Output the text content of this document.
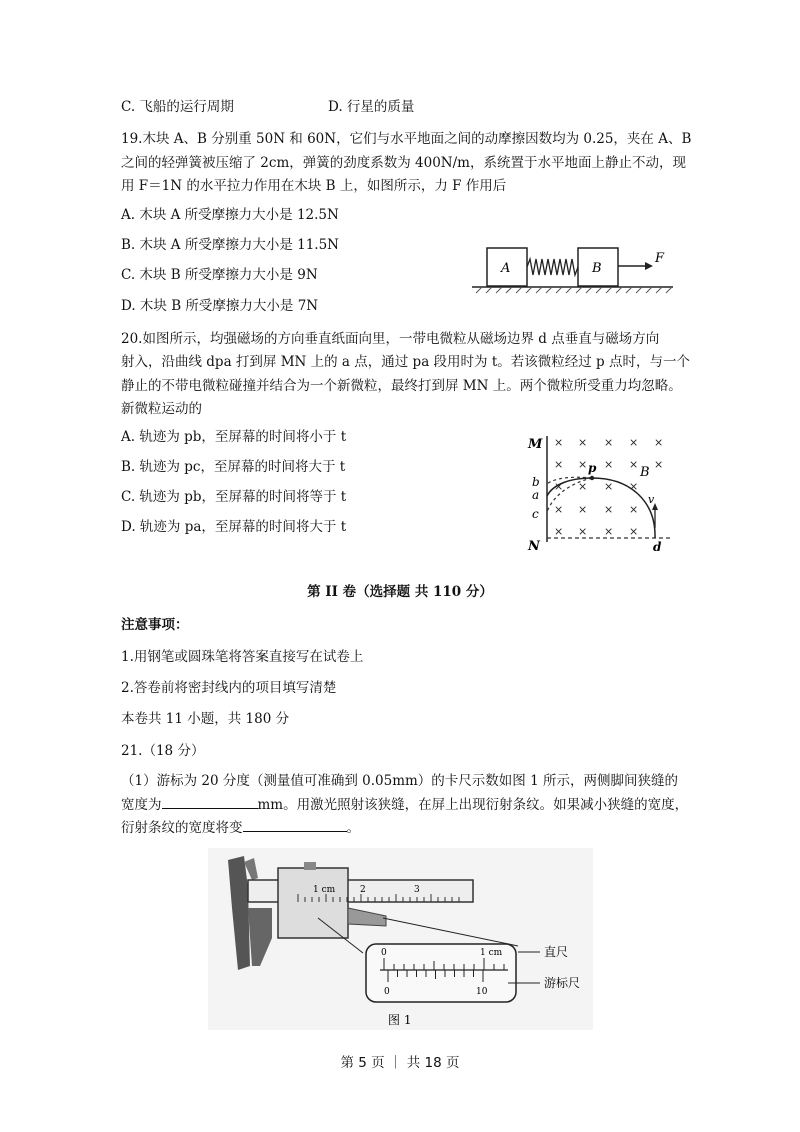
C. 飞船的运行周期	D. 行星的质量
19.木块 A、B 分别重 50N 和 60N，它们与水平地面之间的动摩擦因数均为 0.25，夹在 A、B
之间的轻弹簧被压缩了 2cm，弹簧的劲度系数为 400N/m，系统置于水平地面上静止不动，现
用 F＝1N 的水平拉力作用在木块 B 上，如图所示，力 F 作用后
A. 木块 A 所受摩擦力大小是 12.5N
B. 木块 A 所受摩擦力大小是 11.5N
C. 木块 B 所受摩擦力大小是 9N
D. 木块 B 所受摩擦力大小是 7N
A	B
F
20.如图所示，均强磁场的方向垂直纸面向里，一带电微粒从磁场边界 d 点垂直与磁场方向
射入，沿曲线 dpa 打到屏 MN 上的 a 点，通过 pa 段用时为 t。若该微粒经过 p 点时，与一个
静止的不带电微粒碰撞并结合为一个新微粒，最终打到屏 MN 上。两个微粒所受重力均忽略。
新微粒运动的
A. 轨迹为 pb，至屏幕的时间将小于 t
B. 轨迹为 pc，至屏幕的时间将大于 t
C. 轨迹为 pb，至屏幕的时间将等于 t
D. 轨迹为 pa，至屏幕的时间将大于 t
M
N
× × × × ×
× × × × ×
× × × ×
× × × ×
× × × ×
p
b
a
c
B
v
d
第 II 卷（选择题 共 110 分）
注意事项：
1.用钢笔或圆珠笔将答案直接写在试卷上
2.答卷前将密封线内的项目填写清楚
本卷共 11 小题，共 180 分
21.（18 分）
（1）游标为 20 分度（测量值可准确到 0.05mm）的卡尺示数如图 1 所示，两侧脚间狭缝的
宽度为	mm。用激光照射该狭缝，在屏上出现衍射条纹。如果减小狭缝的宽度，
衍射条纹的宽度将变	。
1 cm	2	3
0	1 cm
0	10
直尺
游标尺
图 1
第 5 页 ｜ 共 18 页
